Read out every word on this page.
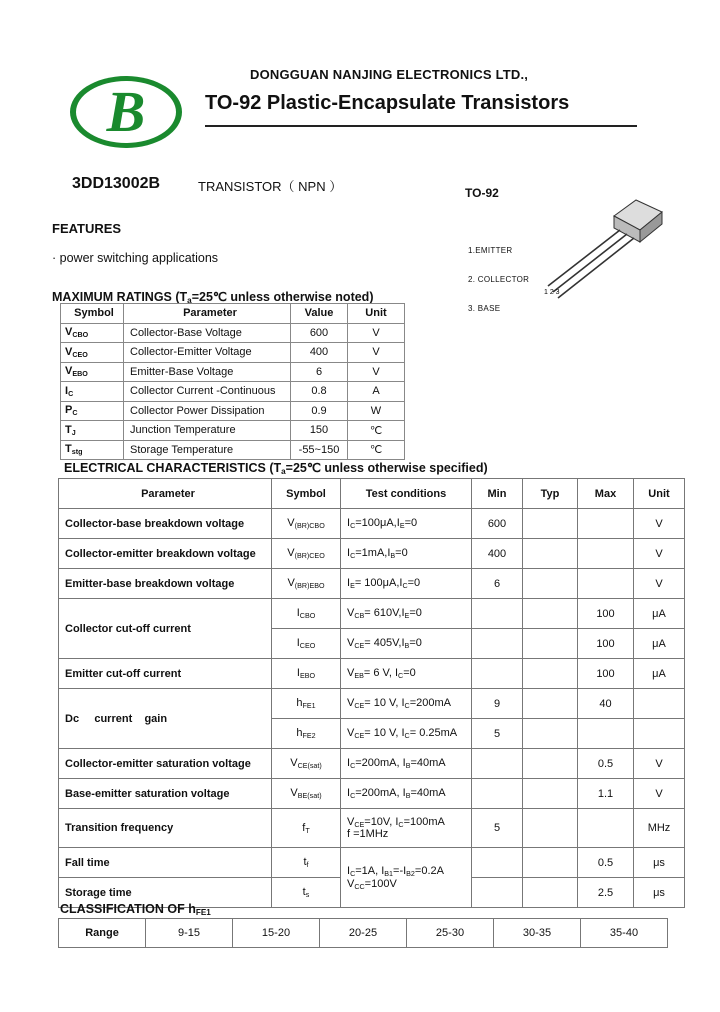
B
DONGGUAN NANJING ELECTRONICS LTD.,
TO-92 Plastic-Encapsulate Transistors
3DD13002B	TRANSISTOR（ NPN ）	TO-92
1.EMITTER
2. COLLECTOR
3. BASE
1 2 3
FEATURES
· power switching applications
MAXIMUM RATINGS ($T_a=25℃$ unless otherwise noted)
Symbol	Parameter	Value	Unit
$V_{CBO}$	Collector-Base Voltage	600	V
$V_{CEO}$	Collector-Emitter Voltage	400	V
$V_{EBO}$	Emitter-Base Voltage	6	V
$I_C$	Collector Current -Continuous	0.8	A
$P_C$	Collector Power Dissipation	0.9	W
$T_J$	Junction Temperature	150	℃
$T_{stg}$	Storage Temperature	-55~150	℃
ELECTRICAL CHARACTERISTICS ($T_a=25℃$ unless otherwise specified)
Parameter	Symbol	Test conditions	Min	Typ	Max	Unit
Collector-base breakdown voltage	$V_{(BR)CBO}$	$I_C=100\mu A,I_E=0$	600			V
Collector-emitter breakdown voltage	$V_{(BR)CEO}$	$I_C=1mA,I_B=0$	400			V
Emitter-base breakdown voltage	$V_{(BR)EBO}$	$I_E= 100\mu A,I_C=0$	6			V
Collector cut-off current	$I_{CBO}$	$V_{CB}= 610V,I_E=0$			100	μA
	$I_{CEO}$	$V_{CE}= 405V,I_B=0$			100	μA
Emitter cut-off current	$I_{EBO}$	$V_{EB}= 6$ V, $I_C=0$			100	μA
Dc     current    gain	$h_{FE1}$	$V_{CE}= 10$ V, $I_C=200mA$	9		40	
	$h_{FE2}$	$V_{CE}= 10$ V, $I_C= 0.25mA$	5			
Collector-emitter saturation voltage	$V_{CE(sat)}$	$I_C=200mA$, $I_B=40mA$			0.5	V
Base-emitter saturation voltage	$V_{BE(sat)}$	$I_C=200mA$, $I_B=40mA$			1.1	V
Transition frequency	$f_T$	$V_{CE}=10V$, $I_C=100mA$
f =1MHz	5			MHz
Fall time	$t_f$	$I_C=1A$, $I_{B1}=-I_{B2}=0.2A$
$V_{CC}=100V$			0.5	μs
Storage time	$t_s$				2.5	μs
CLASSIFICATION OF $h_{FE1}$
Range	9-15	15-20	20-25	25-30	30-35	35-40
